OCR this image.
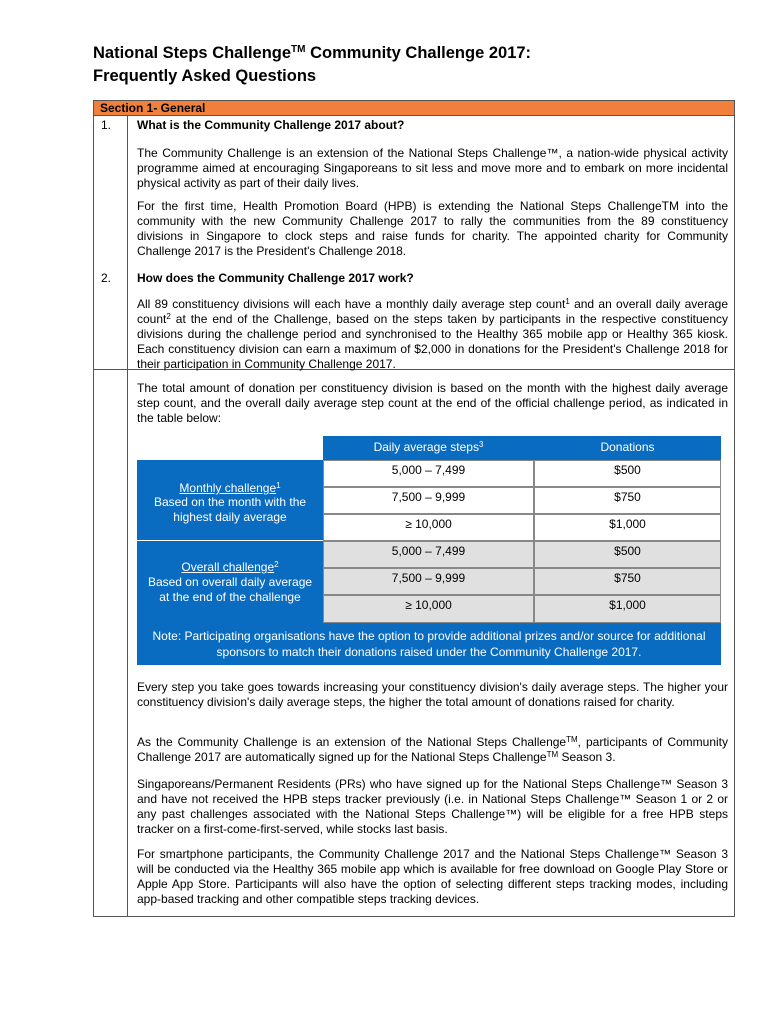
National Steps Challenge™ Community Challenge 2017:
Frequently Asked Questions
Section 1- General
1. What is the Community Challenge 2017 about?
The Community Challenge is an extension of the National Steps Challenge™, a nation-wide physical activity programme aimed at encouraging Singaporeans to sit less and move more and to embark on more incidental physical activity as part of their daily lives.
For the first time, Health Promotion Board (HPB) is extending the National Steps ChallengeTM into the community with the new Community Challenge 2017 to rally the communities from the 89 constituency divisions in Singapore to clock steps and raise funds for charity. The appointed charity for Community Challenge 2017 is the President's Challenge 2018.
2. How does the Community Challenge 2017 work?
All 89 constituency divisions will each have a monthly daily average step count$^1$ and an overall daily average count$^2$ at the end of the Challenge, based on the steps taken by participants in the respective constituency divisions during the challenge period and synchronised to the Healthy 365 mobile app or Healthy 365 kiosk. Each constituency division can earn a maximum of $2,000 in donations for the President's Challenge 2018 for their participation in Community Challenge 2017.
The total amount of donation per constituency division is based on the month with the highest daily average step count, and the overall daily average step count at the end of the official challenge period, as indicated in the table below:
Daily average steps$^3$	Donations
Monthly challenge$^1$
Based on the month with the highest daily average
5,000 – 7,499	$500
7,500 – 9,999	$750
≥ 10,000	$1,000
Overall challenge$^2$
Based on overall daily average at the end of the challenge
5,000 – 7,499	$500
7,500 – 9,999	$750
≥ 10,000	$1,000
Note: Participating organisations have the option to provide additional prizes and/or source for additional sponsors to match their donations raised under the Community Challenge 2017.
Every step you take goes towards increasing your constituency division's daily average steps. The higher your constituency division's daily average steps, the higher the total amount of donations raised for charity.
As the Community Challenge is an extension of the National Steps Challenge™, participants of Community Challenge 2017 are automatically signed up for the National Steps Challenge™ Season 3.
Singaporeans/Permanent Residents (PRs) who have signed up for the National Steps Challenge™ Season 3 and have not received the HPB steps tracker previously (i.e. in National Steps Challenge™ Season 1 or 2 or any past challenges associated with the National Steps Challenge™) will be eligible for a free HPB steps tracker on a first-come-first-served, while stocks last basis.
For smartphone participants, the Community Challenge 2017 and the National Steps Challenge™ Season 3 will be conducted via the Healthy 365 mobile app which is available for free download on Google Play Store or Apple App Store. Participants will also have the option of selecting different steps tracking modes, including app-based tracking and other compatible steps tracking devices.
